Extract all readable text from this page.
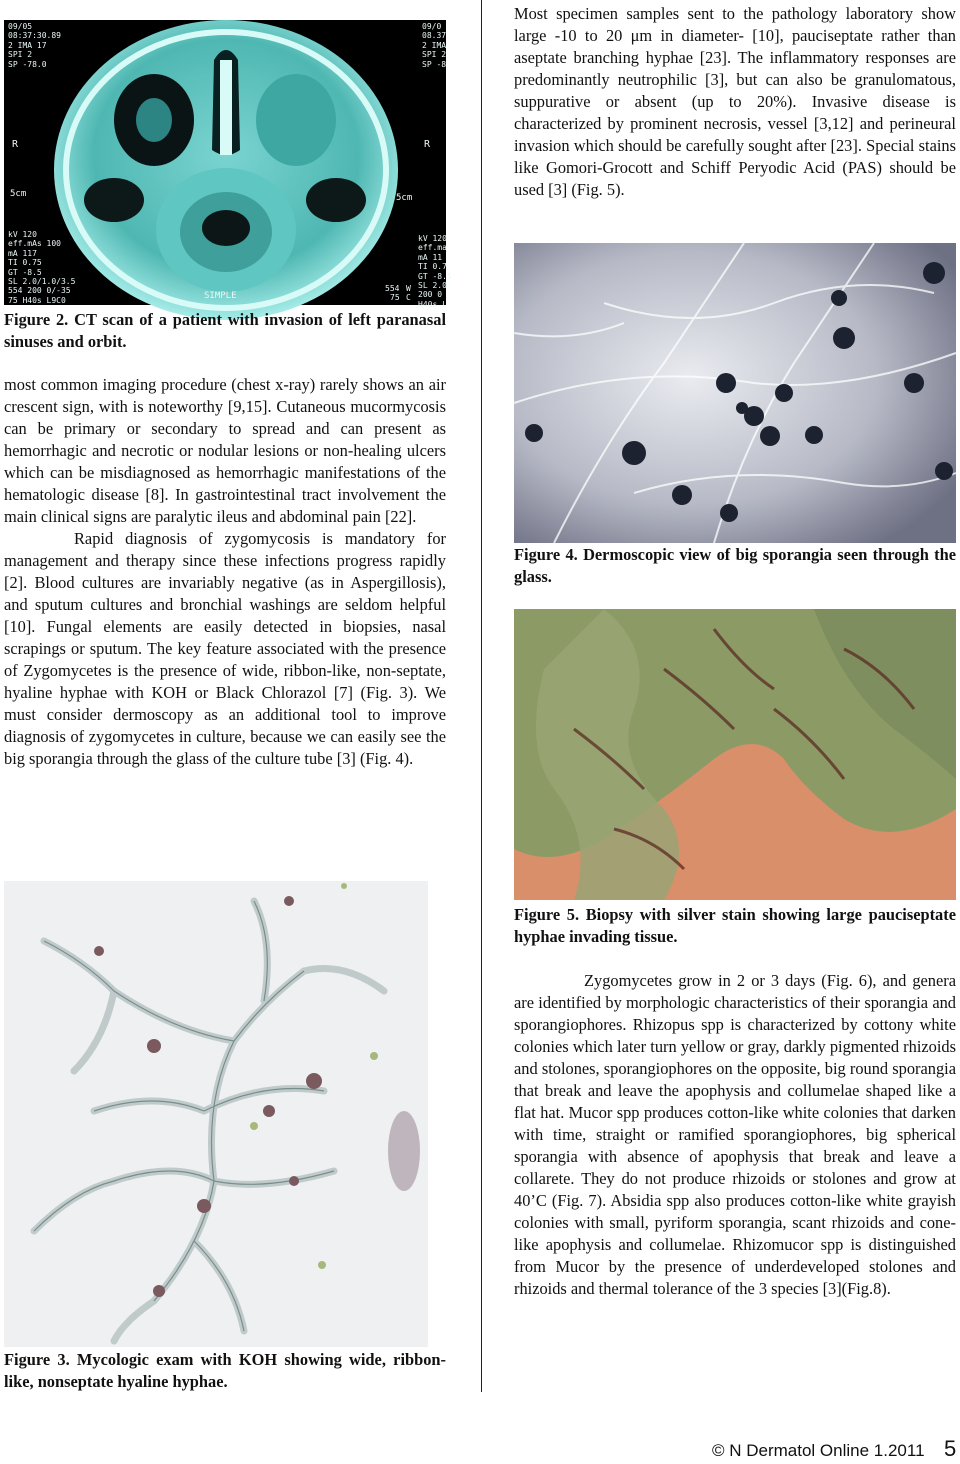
09/05
08:37:30.89
2 IMA 17
SPI 2
SP -78.0
09/0
08.37
2 IMA
SPI 2
SP -8
kV 120
eff.mAs 100
mA 117
TI 0.75
GT -8.5
SL 2.0/1.0/3.5
554 200 0/-35
75 H40s L9C0
kV 120
eff.ma
mA 11
TI 0.7
GT -8.5
SL 2.0
200 0
H40s L
R	R
5cm	5cm
SIMPLE
W
C
554
75
Figure 2. CT scan of a patient with invasion of left paranasal sinuses and orbit.

most common imaging procedure (chest x-ray) rarely shows an air crescent sign, with is noteworthy [9,15]. Cutaneous mucormycosis can be primary or secondary to spread and can present as hemorrhagic and necrotic or nodular lesions or non-healing ulcers which can be misdiagnosed as hemorrhagic manifestations of the hematologic disease [8]. In gastrointestinal tract involvement the main clinical signs are paralytic ileus and abdominal pain [22].

Rapid diagnosis of zygomycosis is mandatory for management and therapy since these infections progress rapidly [2]. Blood cultures are invariably negative (as in Aspergillosis), and sputum cultures and bronchial washings are seldom helpful [10]. Fungal elements are easily detected in biopsies, nasal scrapings or sputum. The key feature associated with the presence of Zygomycetes is the presence of wide, ribbon-like, non-septate, hyaline hyphae with KOH or Black Chlorazol [7] (Fig. 3). We must consider dermoscopy as an additional tool to improve diagnosis of zygomycetes in culture, because we can easily see the big sporangia through the glass of the culture tube [3] (Fig. 4).

Figure 3. Mycologic exam with KOH showing wide, ribbon-like, nonseptate hyaline hyphae.

Most specimen samples sent to the pathology laboratory show large -10 to 20 μm in diameter- [10], pauciseptate rather than aseptate branching hyphae [23]. The inflammatory responses are predominantly neutrophilic [3], but can also be granulomatous, suppurative or absent (up to 20%). Invasive disease is characterized by prominent necrosis, vessel [3,12] and perineural invasion which should be carefully sought after [23]. Special stains like Gomori-Grocott and Schiff Peryodic Acid (PAS) should be used [3] (Fig. 5).

Figure 4. Dermoscopic view of big sporangia seen through the glass.
Figure 5. Biopsy with silver stain showing large pauciseptate hyphae invading tissue.

Zygomycetes grow in 2 or 3 days (Fig. 6), and genera are identified by morphologic characteristics of their sporangia and sporangiophores. Rhizopus spp is characterized by cottony white colonies which later turn yellow or gray, darkly pigmented rhizoids and stolones, sporangiophores on the opposite, big round sporangia that break and leave the apophysis and collumelae shaped like a flat hat. Mucor spp produces cotton-like white colonies that darken with time, straight or ramified sporangiophores, big spherical sporangia with absence of apophysis that break and leave a collarete. They do not produce rhizoids or stolones and grow at 40’C (Fig. 7). Absidia spp also produces cotton-like white grayish colonies with small, pyriform sporangia, scant rhizoids and cone-like apophysis and collumelae. Rhizomucor spp is distinguished from Mucor by the presence of underdeveloped stolones and rhizoids and thermal tolerance of the 3 species [3](Fig.8).

© N Dermatol Online 1.2011 5
